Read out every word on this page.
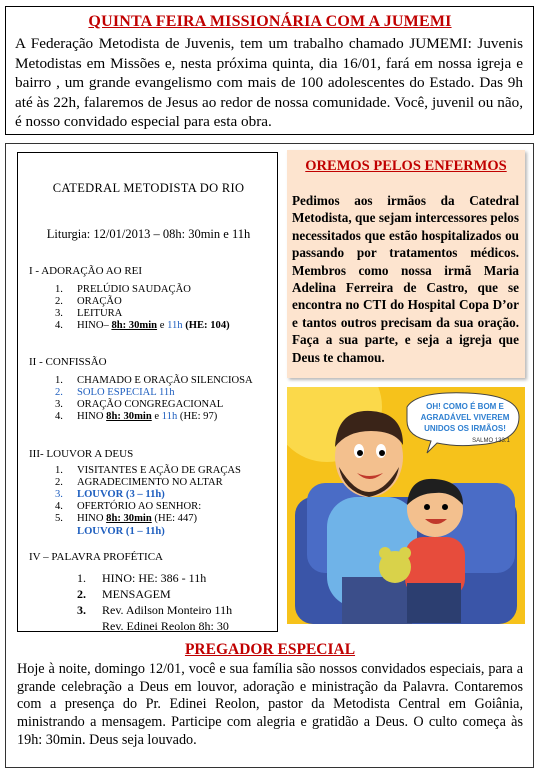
QUINTA FEIRA MISSIONÁRIA COM A JUMEMI
A Federação Metodista de Juvenis, tem um trabalho chamado JUMEMI: Juvenis Metodistas em Missões e, nesta próxima quinta, dia 16/01, fará em nossa igreja e bairro , um grande evangelismo com mais de 100 adolescentes do Estado. Das 9h até às 22h, falaremos de Jesus ao redor de nossa comunidade. Você, juvenil ou não, é nosso convidado especial para esta obra.
CATEDRAL METODISTA DO RIO
Liturgia: 12/01/2013 – 08h: 30min e 11h
I - ADORAÇÃO AO REI
1. PRELÚDIO SAUDAÇÃO
2. ORAÇÃO
3. LEITURA
4. HINO– 8h: 30min e 11h (HE: 104)
II - CONFISSÃO
1. CHAMADO E ORAÇÃO SILENCIOSA
2. SOLO ESPECIAL 11h
3. ORAÇÃO CONGREGACIONAL
4. HINO 8h: 30min e 11h (HE: 97)
III- LOUVOR A DEUS
1. VISITANTES E AÇÃO DE GRAÇAS
2. AGRADECIMENTO NO ALTAR
3. LOUVOR (3 – 11h)
4. OFERTÓRIO AO SENHOR:
5. HINO 8h: 30min (HE: 447)
LOUVOR (1 – 11h)
IV – PALAVRA PROFÉTICA
1. HINO: HE: 386 - 11h
2. MENSAGEM
3. Rev. Adilson Monteiro 11h
Rev. Edinei Reolon 8h: 30
OREMOS PELOS ENFERMOS
Pedimos aos irmãos da Catedral Metodista, que sejam intercessores pelos necessitados que estão hospitalizados ou passando por tratamentos médicos. Membros como nossa irmã Maria Adelina Ferreira de Castro, que se encontra no CTI do Hospital Copa D’or e tantos outros precisam da sua oração. Faça a sua parte, e seja a igreja que Deus te chamou.
OH! COMO É BOM E
AGRADÁVEL VIVEREM
UNIDOS OS IRMÃOS!
SALMO 133.1
PREGADOR ESPECIAL
Hoje à noite, domingo 12/01, você e sua família são nossos convidados especiais, para a grande celebração a Deus em louvor, adoração e ministração da Palavra. Contaremos com a presença do Pr. Edinei Reolon, pastor da Metodista Central em Goiânia, ministrando a mensagem. Participe com alegria e gratidão a Deus. O culto começa às 19h: 30min. Deus seja louvado.
